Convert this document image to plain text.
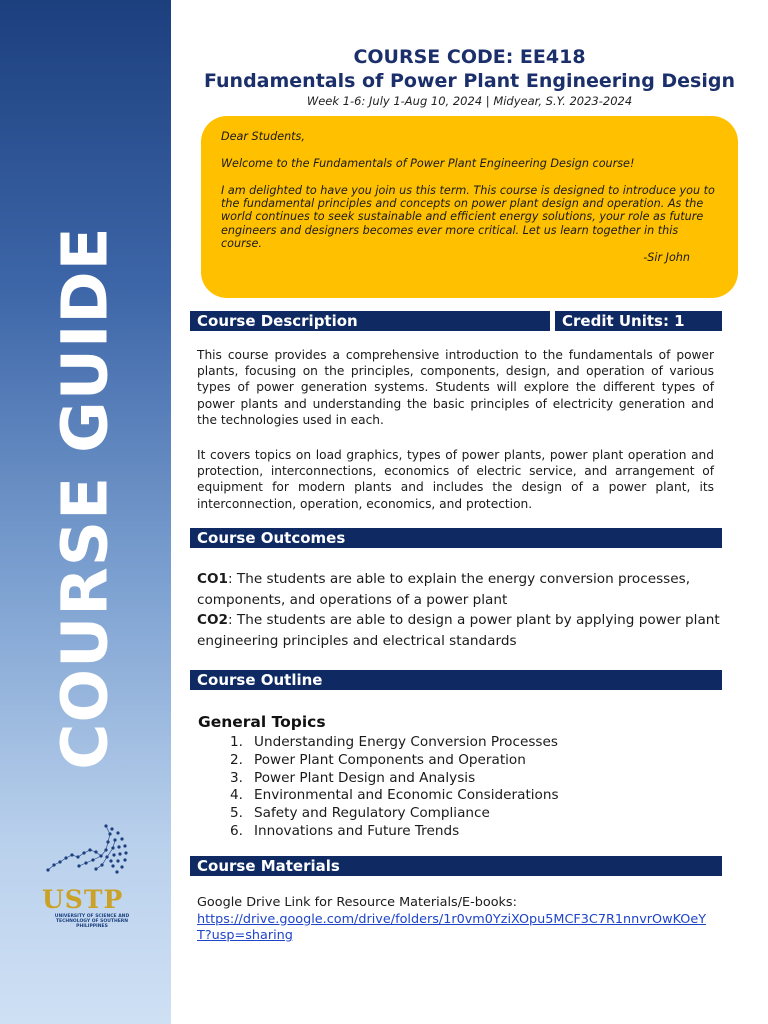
COURSE GUIDE
USTP
UNIVERSITY OF SCIENCE AND TECHNOLOGY OF SOUTHERN PHILIPPINES
COURSE CODE: EE418
Fundamentals of Power Plant Engineering Design
Week 1-6: July 1-Aug 10, 2024 | Midyear, S.Y. 2023-2024

Dear Students,

Welcome to the Fundamentals of Power Plant Engineering Design course!

I am delighted to have you join us this term. This course is designed to introduce you to the fundamental principles and concepts on power plant design and operation. As the world continues to seek sustainable and efficient energy solutions, your role as future engineers and designers becomes ever more critical. Let us learn together in this course.

-Sir John

Course Description	Credit Units: 1
This course provides a comprehensive introduction to the fundamentals of power plants, focusing on the principles, components, design, and operation of various types of power generation systems. Students will explore the different types of power plants and understanding the basic principles of electricity generation and the technologies used in each.
It covers topics on load graphics, types of power plants, power plant operation and protection, interconnections, economics of electric service, and arrangement of equipment for modern plants and includes the design of a power plant, its interconnection, operation, economics, and protection.
Course Outcomes
CO1: The students are able to explain the energy conversion processes, components, and operations of a power plant
CO2: The students are able to design a power plant by applying power plant engineering principles and electrical standards
Course Outline
General Topics
1. Understanding Energy Conversion Processes
2. Power Plant Components and Operation
3. Power Plant Design and Analysis
4. Environmental and Economic Considerations
5. Safety and Regulatory Compliance
6. Innovations and Future Trends
Course Materials
Google Drive Link for Resource Materials/E-books:
https://drive.google.com/drive/folders/1r0vm0YziXOpu5MCF3C7R1nnvrOwKOeYT?usp=sharing
